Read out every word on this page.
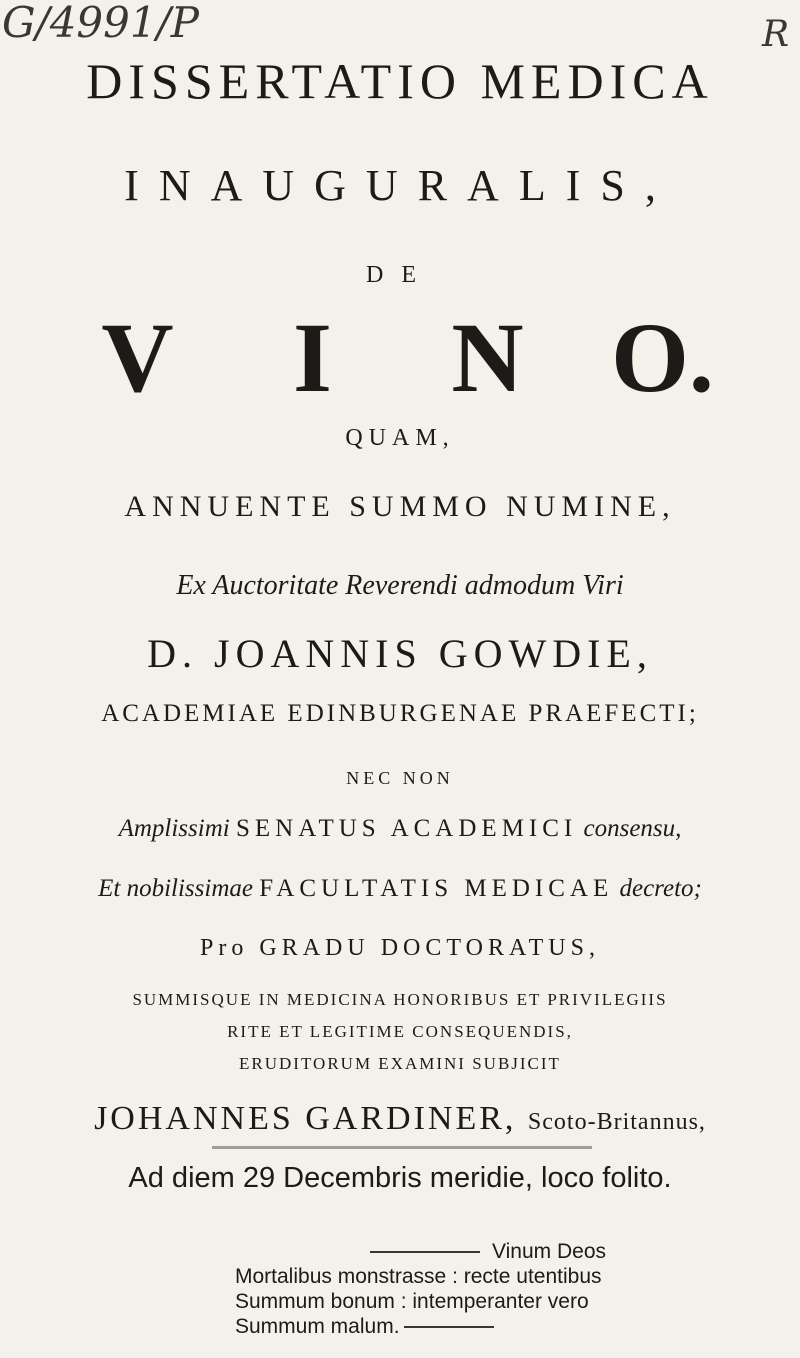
G/4991/P	R
DISSERTATIO MEDICA
INAUGURALIS,
DE
V I N O.
QUAM,
ANNUENTE SUMMO NUMINE,
Ex Auctoritate Reverendi admodum Viri
D. JOANNIS GOWDIE,
ACADEMIAE EDINBURGENAE PRAEFECTI;
NEC NON
Amplissimi SENATUS ACADEMICI consensu,
Et nobilissimae FACULTATIS MEDICAE decreto;
Pro GRADU DOCTORATUS,
SUMMISQUE IN MEDICINA HONORIBUS ET PRIVILEGIIS
RITE ET LEGITIME CONSEQUENDIS,
ERUDITORUM EXAMINI SUBJICIT
JOHANNES GARDINER, Scoto-Britannus,
Ad diem 29 Decembris meridie, loco folito.
Vinum Deos
Mortalibus monstrasse : recte utentibus
Summum bonum : intemperanter vero
Summum malum.
